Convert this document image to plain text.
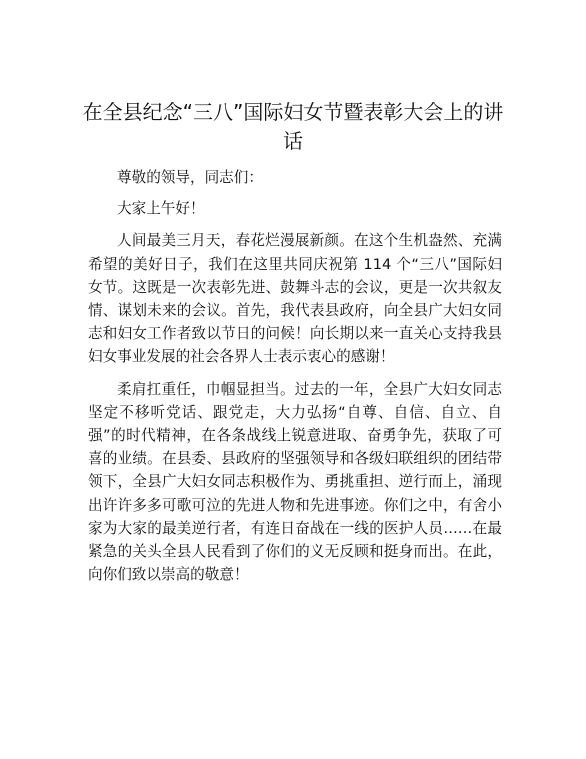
在全县纪念“三八”国际妇女节暨表彰大会上的讲话

尊敬的领导，同志们：

大家上午好！

人间最美三月天，春花烂漫展新颜。在这个生机盎然、充满希望的美好日子，我们在这里共同庆祝第 114 个“三八”国际妇女节。这既是一次表彰先进、鼓舞斗志的会议，更是一次共叙友情、谋划未来的会议。首先，我代表县政府，向全县广大妇女同志和妇女工作者致以节日的问候！向长期以来一直关心支持我县妇女事业发展的社会各界人士表示衷心的感谢！

柔肩扛重任，巾帼显担当。过去的一年，全县广大妇女同志坚定不移听党话、跟党走，大力弘扬“自尊、自信、自立、自强”的时代精神，在各条战线上锐意进取、奋勇争先，获取了可喜的业绩。在县委、县政府的坚强领导和各级妇联组织的团结带领下，全县广大妇女同志积极作为、勇挑重担、逆行而上，涌现出许许多多可歌可泣的先进人物和先进事迹。你们之中，有舍小家为大家的最美逆行者，有连日奋战在一线的医护人员……在最紧急的关头全县人民看到了你们的义无反顾和挺身而出。在此，向你们致以崇高的敬意！
